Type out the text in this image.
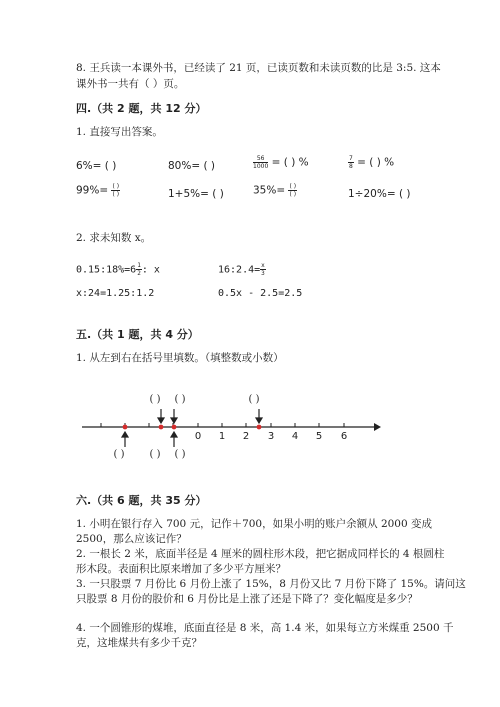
8. 王兵读一本课外书，已经读了 21 页，已读页数和未读页数的比是 3:5. 这本
课外书一共有（ ）页。
四.（共 2 题，共 12 分）
1. 直接写出答案。
6%= ( )	80%= ( )	$\frac{56}{1000}$ = ( ) %	$\frac{7}{8}$ = ( ) %
$99\%= \frac{( )}{( )}$	1+5%= ( )	$35\%= \frac{( )}{( )}$	1÷20%= ( )
2. 求未知数 x。
0.15:18%=6 $\frac{1}{2}$ : x	16:2.4= $\frac{x}{3}$
x:24=1.25:1.2	0.5x - 2.5=2.5
五.（共 1 题，共 4 分）
1. 从左到右在括号里填数。（填整数或小数）
0 1 2 3 4 5 6
( ) ( )	( )
( )	( ) ( )
六.（共 6 题，共 35 分）
1. 小明在银行存入 700 元，记作＋700，如果小明的账户余额从 2000 变成
2500，那么应该记作？
2. 一根长 2 米，底面半径是 4 厘米的圆柱形木段，把它据成同样长的 4 根圆柱
形木段。表面积比原来增加了多少平方厘米？
3. 一只股票 7 月份比 6 月份上涨了 15%，8 月份又比 7 月份下降了 15%。请问这
只股票 8 月份的股价和 6 月份比是上涨了还是下降了？变化幅度是多少？
4. 一个圆锥形的煤堆，底面直径是 8 米，高 1.4 米，如果每立方米煤重 2500 千
克，这堆煤共有多少千克？
